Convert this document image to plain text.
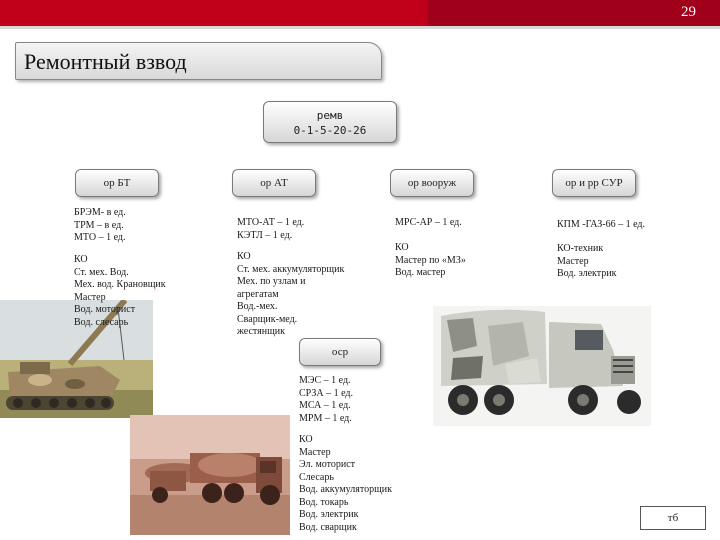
29
Ремонтный взвод
ремв
0-1-5-20-26
ор БТ	ор АТ	ор вооруж	ор и рр СУР
БРЭМ- в ед.
ТРМ – в ед.
МТО – 1 ед.
КО
Ст. мех. Вод.
Мех. вод. Крановщик
Мастер
Вод. моторист
Вод. слесарь
МТО-АТ – 1 ед.
КЭТЛ – 1 ед.
КО
Ст. мех. аккумуляторщик
Мех. по узлам и
агрегатам
Вод.-мех.
Сварщик-мед.
жестянщик
МРС-АР – 1 ед.
КО
Мастер по «МЗ»
Вод. мастер
КПМ -ГАЗ-66 – 1 ед.
КО-техник
Мастер
Вод. электрик
оср
МЭС – 1 ед.
СРЗА – 1 ед.
МСА – 1 ед.
МРМ – 1 ед.
КО
Мастер
Эл. моторист
Слесарь
Вод. аккумуляторщик
Вод. токарь
Вод. электрик
Вод. сварщик
тб
